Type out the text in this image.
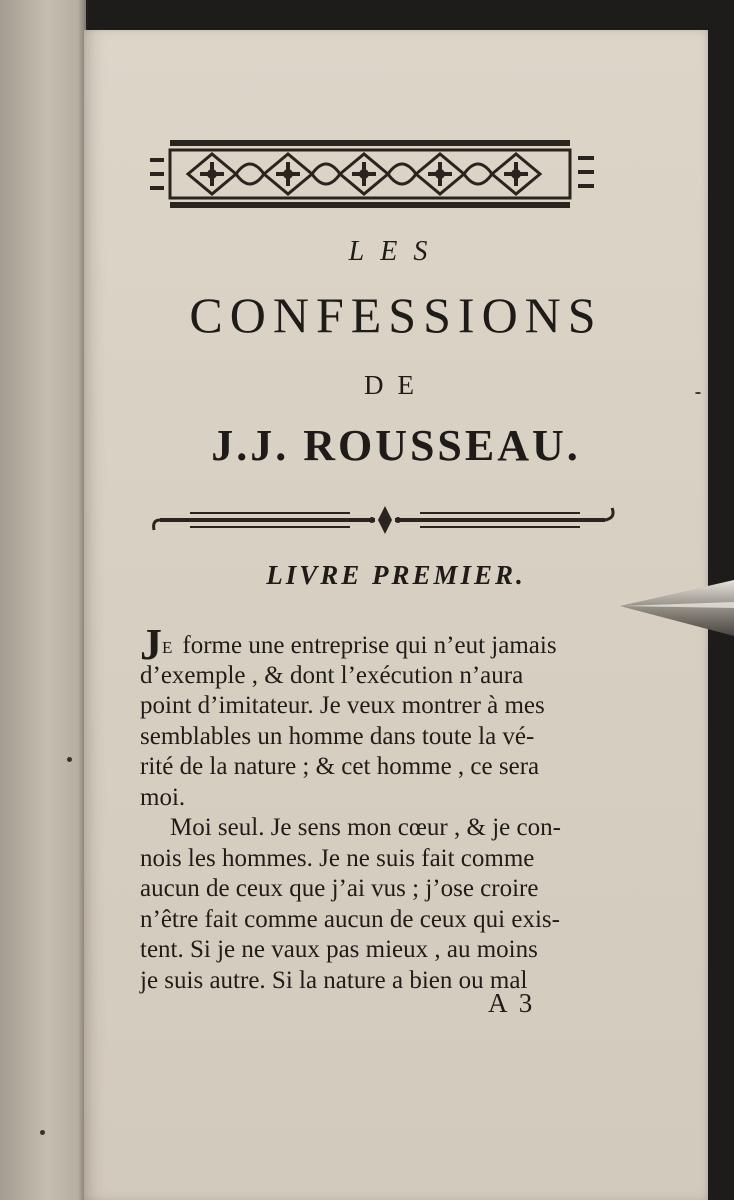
LES
CONFESSIONS
DE
J.J. ROUSSEAU.
LIVRE PREMIER.
JE forme une entreprise qui n’eut jamais
d’exemple , & dont l’exécution n’aura
point d’imitateur. Je veux montrer à mes
semblables un homme dans toute la vé-
rité de la nature ; & cet homme , ce sera
moi.
Moi seul. Je sens mon cœur , & je con-
nois les hommes. Je ne suis fait comme
aucun de ceux que j’ai vus ; j’ose croire
n’être fait comme aucun de ceux qui exis-
tent. Si je ne vaux pas mieux , au moins
je suis autre. Si la nature a bien ou mal
A 3
